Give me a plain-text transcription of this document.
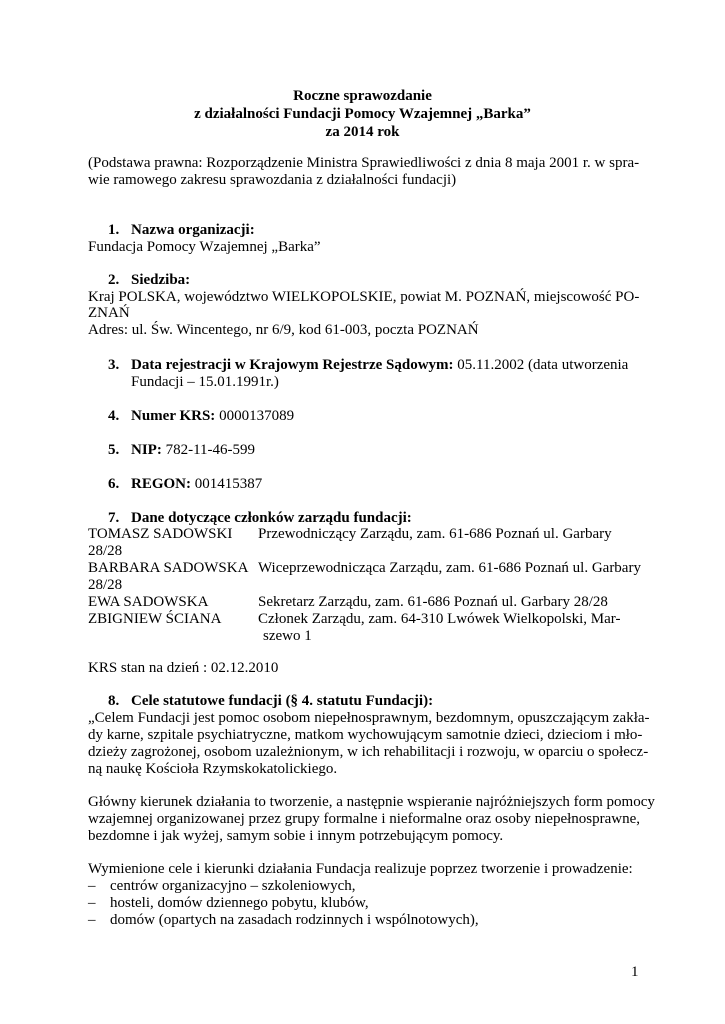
Roczne sprawozdanie
z działalności Fundacji Pomocy Wzajemnej „Barka”
za 2014 rok
(Podstawa prawna: Rozporządzenie Ministra Sprawiedliwości z dnia 8 maja 2001 r. w spra-
wie ramowego zakresu sprawozdania z działalności fundacji)
1. Nazwa organizacji:
Fundacja Pomocy Wzajemnej „Barka”
2. Siedziba:
Kraj POLSKA, województwo WIELKOPOLSKIE, powiat M. POZNAŃ, miejscowość PO-
ZNAŃ
Adres: ul. Św. Wincentego, nr 6/9, kod 61-003, poczta POZNAŃ
3. Data rejestracji w Krajowym Rejestrze Sądowym: 05.11.2002 (data utworzenia
Fundacji – 15.01.1991r.)
4. Numer KRS: 0000137089
5. NIP: 782-11-46-599
6. REGON: 001415387
7. Dane dotyczące członków zarządu fundacji:
TOMASZ SADOWSKI Przewodniczący Zarządu, zam. 61-686 Poznań ul. Garbary
28/28
BARBARA SADOWSKA Wiceprzewodnicząca Zarządu, zam. 61-686 Poznań ul. Garbary
28/28
EWA SADOWSKA	Sekretarz Zarządu, zam. 61-686 Poznań ul. Garbary 28/28
ZBIGNIEW ŚCIANA Członek Zarządu, zam. 64-310 Lwówek Wielkopolski, Mar-
szewo 1
KRS stan na dzień : 02.12.2010
8. Cele statutowe fundacji (§ 4. statutu Fundacji):
„Celem Fundacji jest pomoc osobom niepełnosprawnym, bezdomnym, opuszczającym zakła-
dy karne, szpitale psychiatryczne, matkom wychowującym samotnie dzieci, dzieciom i mło-
dzieży zagrożonej, osobom uzależnionym, w ich rehabilitacji i rozwoju, w oparciu o społecz-
ną naukę Kościoła Rzymskokatolickiego.
Główny kierunek działania to tworzenie, a następnie wspieranie najróżniejszych form pomocy
wzajemnej organizowanej przez grupy formalne i nieformalne oraz osoby niepełnosprawne,
bezdomne i jak wyżej, samym sobie i innym potrzebującym pomocy.
Wymienione cele i kierunki działania Fundacja realizuje poprzez tworzenie i prowadzenie:
– centrów organizacyjno – szkoleniowych,
– hosteli, domów dziennego pobytu, klubów,
– domów (opartych na zasadach rodzinnych i wspólnotowych),
1
